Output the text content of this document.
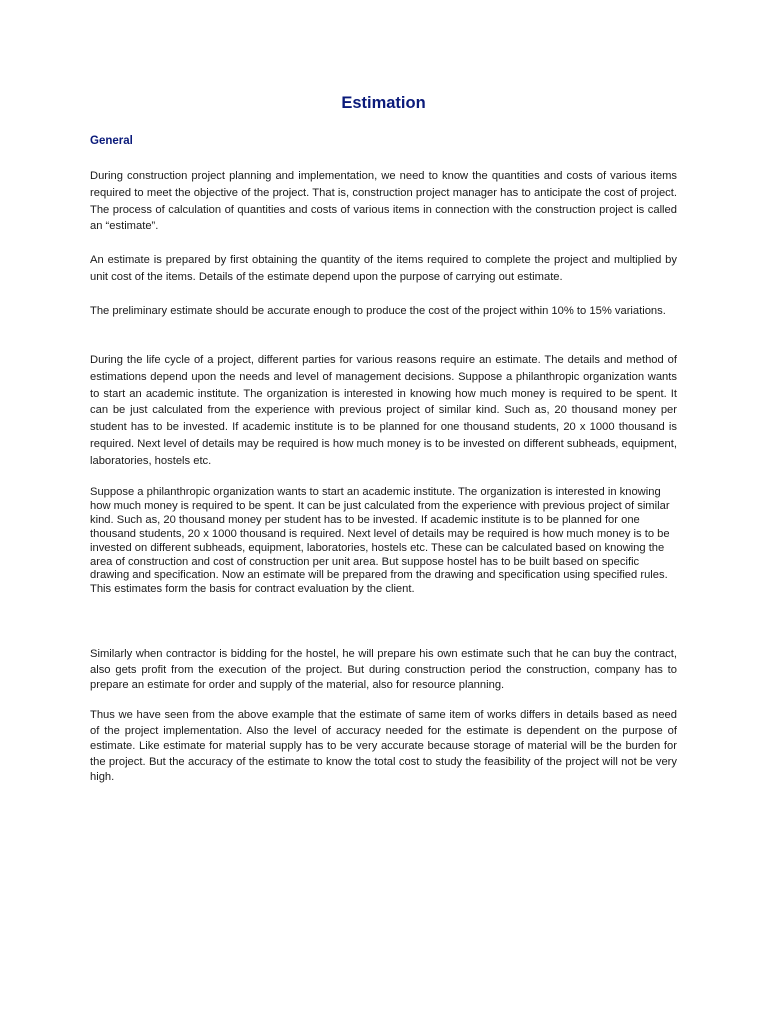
Estimation
General

During construction project planning and implementation, we need to know the quantities and costs of various items required to meet the objective of the project. That is, construction project manager has to anticipate the cost of project. The process of calculation of quantities and costs of various items in connection with the construction project is called an “estimate”.

An estimate is prepared by first obtaining the quantity of the items required to complete the project and multiplied by unit cost of the items. Details of the estimate depend upon the purpose of carrying out estimate.

The preliminary estimate should be accurate enough to produce the cost of the project within 10% to 15% variations.

During the life cycle of a project, different parties for various reasons require an estimate. The details and method of estimations depend upon the needs and level of management decisions. Suppose a philanthropic organization wants to start an academic institute. The organization is interested in knowing how much money is required to be spent. It can be just calculated from the experience with previous project of similar kind. Such as, 20 thousand money per student has to be invested. If academic institute is to be planned for one thousand students, 20 x 1000 thousand is required. Next level of details may be required is how much money is to be invested on different subheads, equipment, laboratories, hostels etc.

Suppose a philanthropic organization wants to start an academic institute. The organization is interested in knowing how much money is required to be spent. It can be just calculated from the experience with previous project of similar kind. Such as, 20 thousand money per student has to be invested. If academic institute is to be planned for one thousand students, 20 x 1000 thousand is required. Next level of details may be required is how much money is to be invested on different subheads, equipment, laboratories, hostels etc. These can be calculated based on knowing the area of construction and cost of construction per unit area. But suppose hostel has to be built based on specific drawing and specification. Now an estimate will be prepared from the drawing and specification using specified rules. This estimates form the basis for contract evaluation by the client.

Similarly when contractor is bidding for the hostel, he will prepare his own estimate such that he can buy the contract, also gets profit from the execution of the project. But during construction period the construction, company has to prepare an estimate for order and supply of the material, also for resource planning.

Thus we have seen from the above example that the estimate of same item of works differs in details based as need of the project implementation. Also the level of accuracy needed for the estimate is dependent on the purpose of estimate. Like estimate for material supply has to be very accurate because storage of material will be the burden for the project. But the accuracy of the estimate to know the total cost to study the feasibility of the project will not be very high.
